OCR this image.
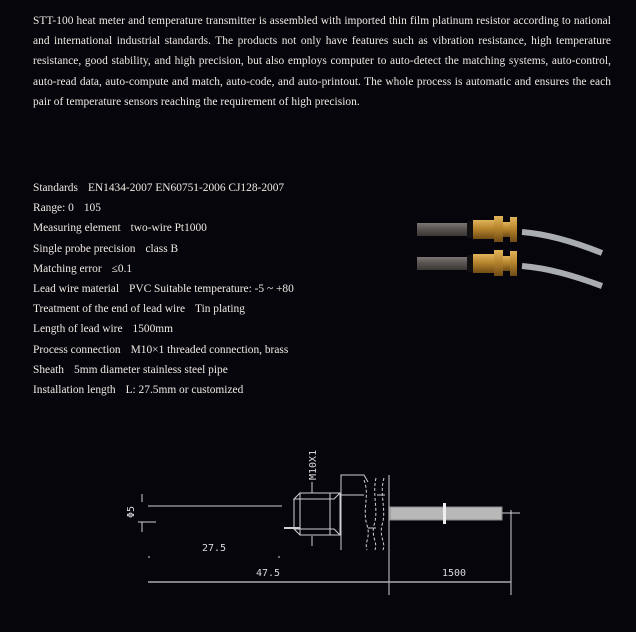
STT-100 heat meter and temperature transmitter is assembled with imported thin film platinum resistor according to national and international industrial standards. The products not only have features such as vibration resistance, high temperature resistance, good stability, and high precision, but also employs computer to auto-detect the matching systems, auto-control, auto-read data, auto-compute and match, auto-code, and auto-printout. The whole process is automatic and ensures the each pair of temperature sensors reaching the requirement of high precision.

Standards EN1434-2007 EN60751-2006 CJ128-2007
Range: 0 105
Measuring element two-wire Pt1000
Single probe precision class B
Matching error ≤0.1
Lead wire material PVC Suitable temperature: -5 ~ +80
Treatment of the end of lead wire Tin plating
Length of lead wire 1500mm
Process connection M10×1 threaded connection, brass
Sheath 5mm diameter stainless steel pipe
Installation length L: 27.5mm or customized
Φ5
M10X1
27.5
47.5	1500
